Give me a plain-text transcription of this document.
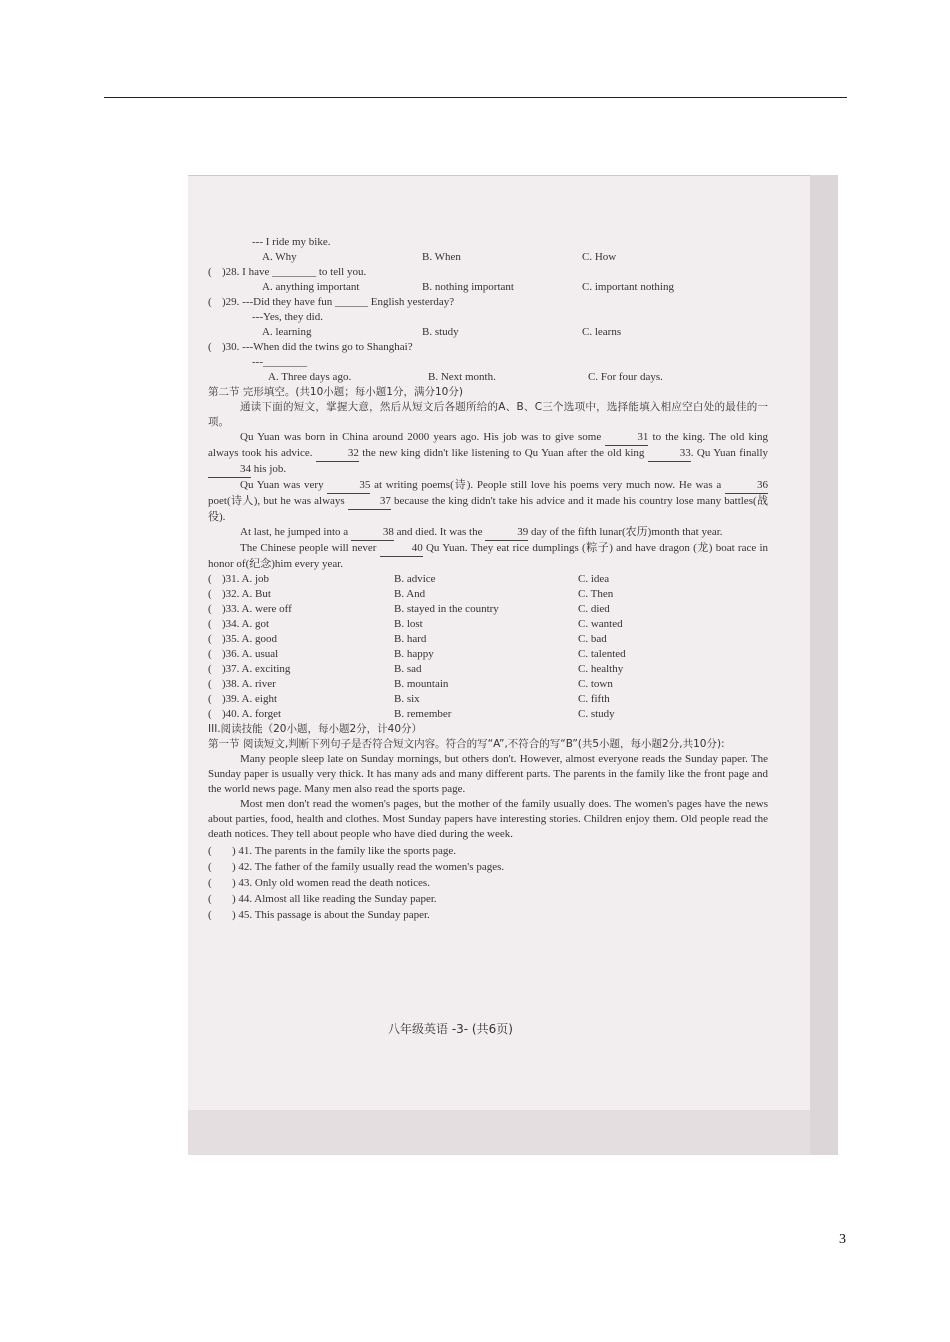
--- I ride my bike.
A. Why	B. When	C. How
( )28. I have ________ to tell you.
A. anything important	B. nothing important	C. important nothing
( )29. ---Did they have fun ______ English yesterday?
---Yes, they did.
A. learning	B. study	C. learns
( )30. ---When did the twins go to Shanghai?
---________
A. Three days ago.	B. Next month.	C. For four days.
第二节 完形填空。(共10小题；每小题1分，满分10分)

通读下面的短文，掌握大意，然后从短文后各题所给的A、B、C三个选项中，选择能填入相应空白处的最佳的一项。

Qu Yuan was born in China around 2000 years ago. His job was to give some	31 to the king. The old king always took his advice.	32 the new king didn't like listening to Qu Yuan after the old king	33. Qu Yuan finally 34 his job.

Qu Yuan was very	35 at writing poems(诗). People still love his poems very much now. He was a	36 poet(诗人), but he was always	37 because the king didn't take his advice and it made his country lose many battles(战役).

At last, he jumped into a	38 and died. It was the	39 day of the fifth lunar(农历)month that year.

The Chinese people will never	40 Qu Yuan. They eat rice dumplings (粽子) and have dragon (龙) boat race in honor of(纪念)him every year.

( )31. A. job	B. advice	C. idea
( )32. A. But	B. And	C. Then
( )33. A. were off	B. stayed in the country	C. died
( )34. A. got	B. lost	C. wanted
( )35. A. good	B. hard	C. bad
( )36. A. usual	B. happy	C. talented
( )37. A. exciting	B. sad	C. healthy
( )38. A. river	B. mountain	C. town
( )39. A. eight	B. six	C. fifth
( )40. A. forget	B. remember	C. study
III.阅读技能（20小题，每小题2分，计40分）

第一节 阅读短文,判断下列句子是否符合短文内容。符合的写“A”,不符合的写“B”(共5小题，每小题2分,共10分):

Many people sleep late on Sunday mornings, but others don't. However, almost everyone reads the Sunday paper. The Sunday paper is usually very thick. It has many ads and many different parts. The parents in the family like the front page and the world news page. Many men also read the sports page.

Most men don't read the women's pages, but the mother of the family usually does. The women's pages have the news about parties, food, health and clothes. Most Sunday papers have interesting stories. Children enjoy them. Old people read the death notices. They tell about people who have died during the week.

(	) 41. The parents in the family like the sports page.
(	) 42. The father of the family usually read the women's pages.
(	) 43. Only old women read the death notices.
(	) 44. Almost all like reading the Sunday paper.
(	) 45. This passage is about the Sunday paper.
八年级英语 -3- (共6页)
3
